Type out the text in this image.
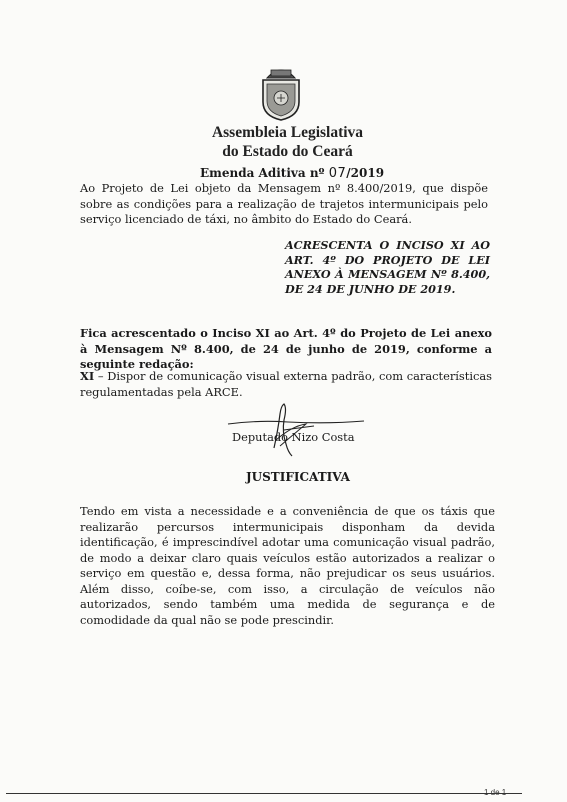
Assembleia Legislativa
do Estado do Ceará
Emenda Aditiva nº 07/2019
Ao Projeto de Lei objeto da Mensagem nº 8.400/2019, que dispõe sobre as condições para a realização de trajetos intermunicipais pelo serviço licenciado de táxi, no âmbito do Estado do Ceará.
ACRESCENTA O INCISO XI AO ART. 4º DO PROJETO DE LEI ANEXO À MENSAGEM Nº 8.400, DE 24 DE JUNHO DE 2019.
Fica acrescentado o Inciso XI ao Art. 4º do Projeto de Lei anexo à Mensagem Nº 8.400, de 24 de junho de 2019, conforme a seguinte redação:
XI – Dispor de comunicação visual externa padrão, com características regulamentadas pela ARCE.
Deputado Nizo Costa
JUSTIFICATIVA
Tendo em vista a necessidade e a conveniência de que os táxis que realizarão percursos intermunicipais disponham da devida identificação, é imprescindível adotar uma comunicação visual padrão, de modo a deixar claro quais veículos estão autorizados a realizar o serviço em questão e, dessa forma, não prejudicar os seus usuários. Além disso, coíbe-se, com isso, a circulação de veículos não autorizados, sendo também uma medida de segurança e de comodidade da qual não se pode prescindir.
1 de 1
